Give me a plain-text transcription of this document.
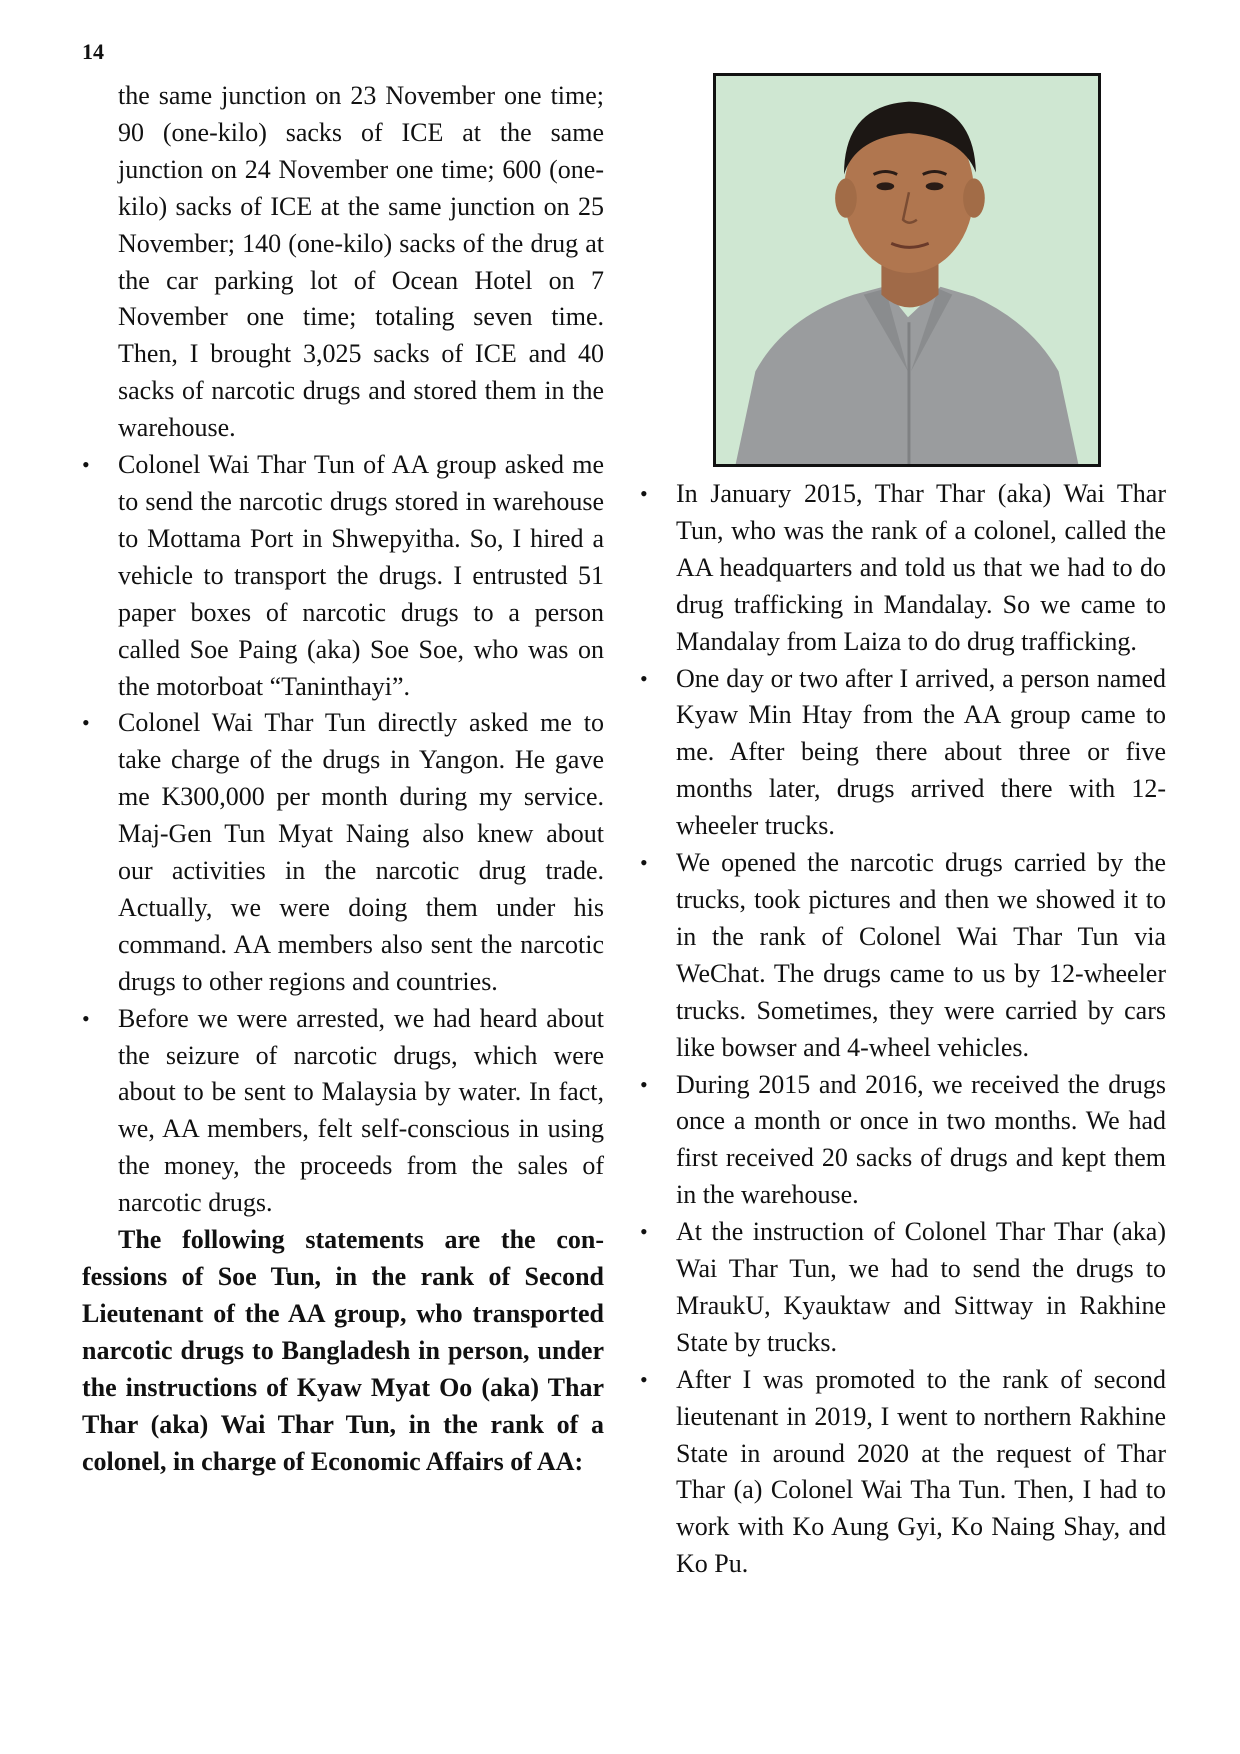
14

the same junction on 23 November one time; 90 (one-kilo) sacks of ICE at the same junction on 24 November one time; 600 (one-kilo) sacks of ICE at the same junction on 25 November; 140 (one-kilo) sacks of the drug at the car parking lot of Ocean Hotel on 7 November one time; totaling seven time. Then, I brought 3,025 sacks of ICE and 40 sacks of narcotic drugs and stored them in the warehouse.

• Colonel Wai Thar Tun of AA group asked me to send the narcotic drugs stored in warehouse to Mottama Port in Shwepyitha. So, I hired a vehicle to transport the drugs. I entrusted 51 paper boxes of narcotic drugs to a person called Soe Paing (aka) Soe Soe, who was on the motorboat “Taninthayi”.
• Colonel Wai Thar Tun directly asked me to take charge of the drugs in Yangon. He gave me K300,000 per month during my service. Maj-Gen Tun Myat Naing also knew about our activities in the narcotic drug trade. Actually, we were doing them under his command. AA members also sent the narcotic drugs to other regions and countries.
• Before we were arrested, we had heard about the seizure of narcotic drugs, which were about to be sent to Malaysia by water. In fact, we, AA members, felt self-conscious in using the money, the proceeds from the sales of narcotic drugs.

The following statements are the confessions of Soe Tun, in the rank of Second Lieutenant of the AA group, who transported narcotic drugs to Bangladesh in person, under the instructions of Kyaw Myat Oo (aka) Thar Thar (aka) Wai Thar Tun, in the rank of a colonel, in charge of Economic Affairs of AA:

• In January 2015, Thar Thar (aka) Wai Thar Tun, who was the rank of a colonel, called the AA headquarters and told us that we had to do drug trafficking in Mandalay. So we came to Mandalay from Laiza to do drug trafficking.
• One day or two after I arrived, a person named Kyaw Min Htay from the AA group came to me. After being there about three or five months later, drugs arrived there with 12-wheeler trucks.
• We opened the narcotic drugs carried by the trucks, took pictures and then we showed it to in the rank of Colonel Wai Thar Tun via WeChat. The drugs came to us by 12-wheeler trucks. Sometimes, they were carried by cars like bowser and 4-wheel vehicles.
• During 2015 and 2016, we received the drugs once a month or once in two months. We had first received 20 sacks of drugs and kept them in the warehouse.
• At the instruction of Colonel Thar Thar (aka) Wai Thar Tun, we had to send the drugs to MraukU, Kyauktaw and Sittway in Rakhine State by trucks.
• After I was promoted to the rank of second lieutenant in 2019, I went to northern Rakhine State in around 2020 at the request of Thar Thar (a) Colonel Wai Tha Tun. Then, I had to work with Ko Aung Gyi, Ko Naing Shay, and Ko Pu.
